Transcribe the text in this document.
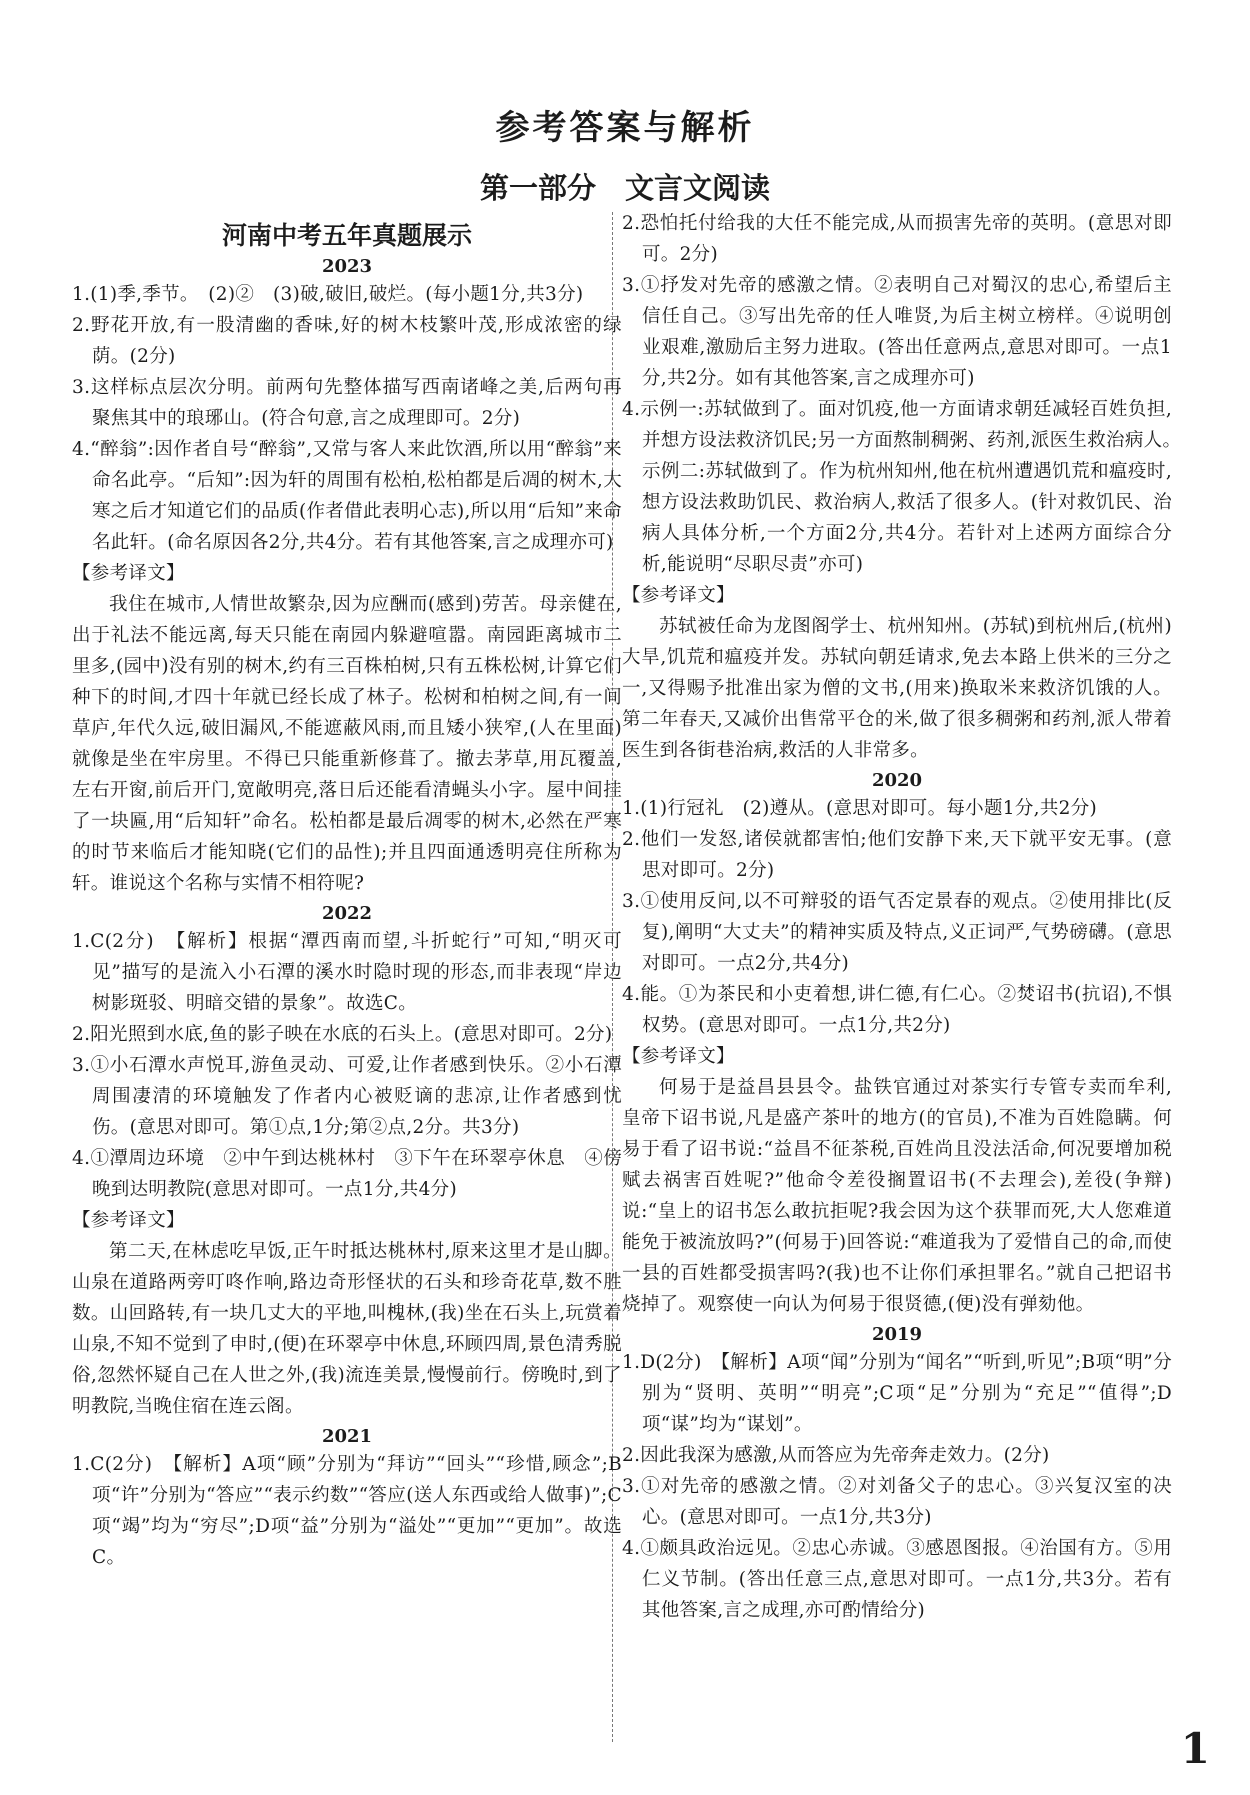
参考答案与解析
第一部分　文言文阅读
河南中考五年真题展示
2023

1.(1)季,季节。　(2)②　(3)破,破旧,破烂。(每小题1分,共3分)

2.野花开放,有一股清幽的香味,好的树木枝繁叶茂,形成浓密的绿荫。(2分)

3.这样标点层次分明。前两句先整体描写西南诸峰之美,后两句再聚焦其中的琅琊山。(符合句意,言之成理即可。2分)

4.“醉翁”:因作者自号“醉翁”,又常与客人来此饮酒,所以用“醉翁”来命名此亭。“后知”:因为轩的周围有松柏,松柏都是后凋的树木,大寒之后才知道它们的品质(作者借此表明心志),所以用“后知”来命名此轩。(命名原因各2分,共4分。若有其他答案,言之成理亦可)

【参考译文】

我住在城市,人情世故繁杂,因为应酬而(感到)劳苦。母亲健在,出于礼法不能远离,每天只能在南园内躲避喧嚣。南园距离城市二里多,(园中)没有别的树木,约有三百株柏树,只有五株松树,计算它们种下的时间,才四十年就已经长成了林子。松树和柏树之间,有一间草庐,年代久远,破旧漏风,不能遮蔽风雨,而且矮小狭窄,(人在里面)就像是坐在牢房里。不得已只能重新修葺了。撤去茅草,用瓦覆盖,左右开窗,前后开门,宽敞明亮,落日后还能看清蝇头小字。屋中间挂了一块匾,用“后知轩”命名。松柏都是最后凋零的树木,必然在严寒的时节来临后才能知晓(它们的品性);并且四面通透明亮住所称为轩。谁说这个名称与实情不相符呢?

2022

1.C(2分)　【解析】根据“潭西南而望,斗折蛇行”可知,“明灭可见”描写的是流入小石潭的溪水时隐时现的形态,而非表现“岸边树影斑驳、明暗交错的景象”。故选C。

2.阳光照到水底,鱼的影子映在水底的石头上。(意思对即可。2分)

3.①小石潭水声悦耳,游鱼灵动、可爱,让作者感到快乐。②小石潭周围凄清的环境触发了作者内心被贬谪的悲凉,让作者感到忧伤。(意思对即可。第①点,1分;第②点,2分。共3分)

4.①潭周边环境　②中午到达桃林村　③下午在环翠亭休息　④傍晚到达明教院(意思对即可。一点1分,共4分)

【参考译文】

第二天,在林虑吃早饭,正午时抵达桃林村,原来这里才是山脚。山泉在道路两旁叮咚作响,路边奇形怪状的石头和珍奇花草,数不胜数。山回路转,有一块几丈大的平地,叫槐林,(我)坐在石头上,玩赏着山泉,不知不觉到了申时,(便)在环翠亭中休息,环顾四周,景色清秀脱俗,忽然怀疑自己在人世之外,(我)流连美景,慢慢前行。傍晚时,到了明教院,当晚住宿在连云阁。

2021

1.C(2分)　【解析】A项“顾”分别为“拜访”“回头”“珍惜,顾念”;B项“许”分别为“答应”“表示约数”“答应(送人东西或给人做事)”;C项“竭”均为“穷尽”;D项“益”分别为“溢处”“更加”“更加”。故选C。

2.恐怕托付给我的大任不能完成,从而损害先帝的英明。(意思对即可。2分)

3.①抒发对先帝的感激之情。②表明自己对蜀汉的忠心,希望后主信任自己。③写出先帝的任人唯贤,为后主树立榜样。④说明创业艰难,激励后主努力进取。(答出任意两点,意思对即可。一点1分,共2分。如有其他答案,言之成理亦可)

4.示例一:苏轼做到了。面对饥疫,他一方面请求朝廷减轻百姓负担,并想方设法救济饥民;另一方面熬制稠粥、药剂,派医生救治病人。　示例二:苏轼做到了。作为杭州知州,他在杭州遭遇饥荒和瘟疫时,想方设法救助饥民、救治病人,救活了很多人。(针对救饥民、治病人具体分析,一个方面2分,共4分。若针对上述两方面综合分析,能说明“尽职尽责”亦可)

【参考译文】

苏轼被任命为龙图阁学士、杭州知州。(苏轼)到杭州后,(杭州)大旱,饥荒和瘟疫并发。苏轼向朝廷请求,免去本路上供米的三分之一,又得赐予批准出家为僧的文书,(用来)换取米来救济饥饿的人。第二年春天,又减价出售常平仓的米,做了很多稠粥和药剂,派人带着医生到各街巷治病,救活的人非常多。

2020

1.(1)行冠礼　(2)遵从。(意思对即可。每小题1分,共2分)

2.他们一发怒,诸侯就都害怕;他们安静下来,天下就平安无事。(意思对即可。2分)

3.①使用反问,以不可辩驳的语气否定景春的观点。②使用排比(反复),阐明“大丈夫”的精神实质及特点,义正词严,气势磅礴。(意思对即可。一点2分,共4分)

4.能。①为茶民和小吏着想,讲仁德,有仁心。②焚诏书(抗诏),不惧权势。(意思对即可。一点1分,共2分)

【参考译文】

何易于是益昌县县令。盐铁官通过对茶实行专管专卖而牟利,皇帝下诏书说,凡是盛产茶叶的地方(的官员),不准为百姓隐瞒。何易于看了诏书说:“益昌不征茶税,百姓尚且没法活命,何况要增加税赋去祸害百姓呢?”他命令差役搁置诏书(不去理会),差役(争辩)说:“皇上的诏书怎么敢抗拒呢?我会因为这个获罪而死,大人您难道能免于被流放吗?”(何易于)回答说:“难道我为了爱惜自己的命,而使一县的百姓都受损害吗?(我)也不让你们承担罪名。”就自己把诏书烧掉了。观察使一向认为何易于很贤德,(便)没有弹劾他。

2019

1.D(2分)　【解析】A项“闻”分别为“闻名”“听到,听见”;B项“明”分别为“贤明、英明”“明亮”;C项“足”分别为“充足”“值得”;D项“谋”均为“谋划”。

2.因此我深为感激,从而答应为先帝奔走效力。(2分)

3.①对先帝的感激之情。②对刘备父子的忠心。③兴复汉室的决心。(意思对即可。一点1分,共3分)

4.①颇具政治远见。②忠心赤诚。③感恩图报。④治国有方。⑤用仁义节制。(答出任意三点,意思对即可。一点1分,共3分。若有其他答案,言之成理,亦可酌情给分)

1
